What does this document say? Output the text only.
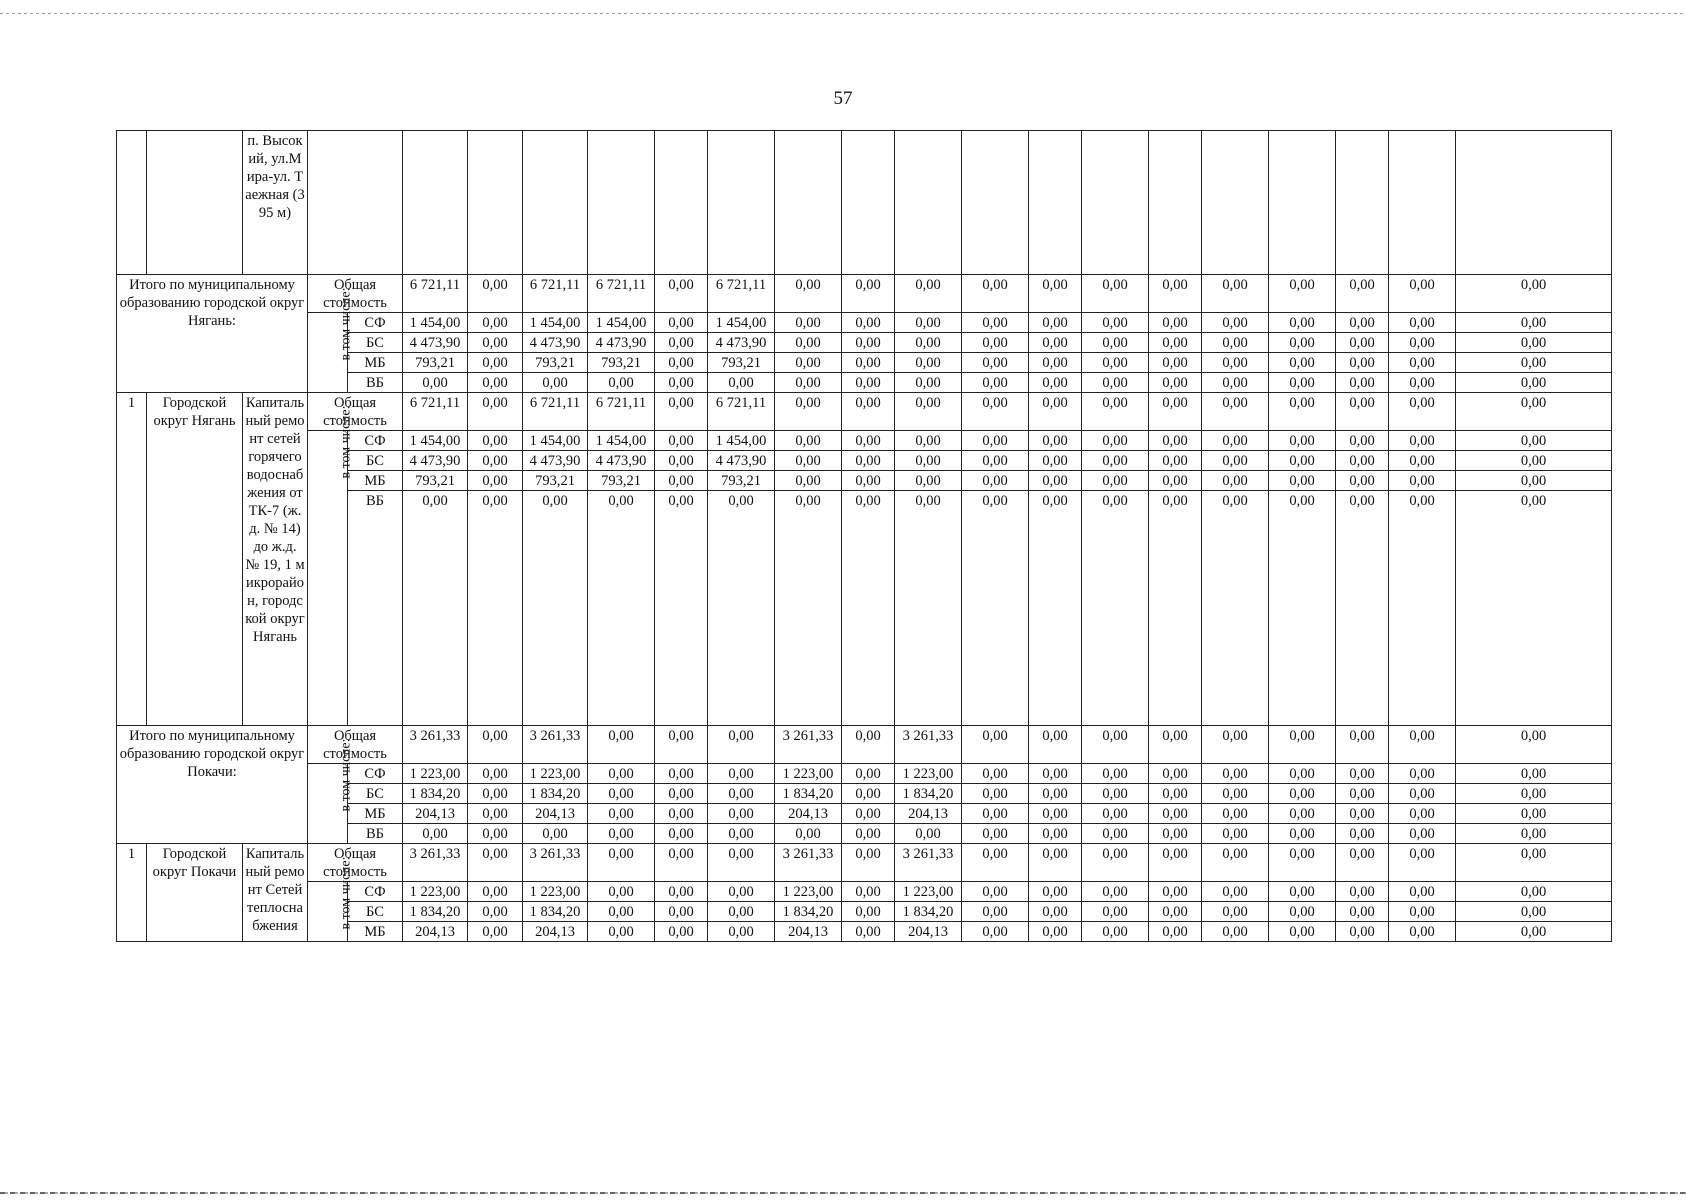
57
		п. Высокий, ул.Мира-ул. Таежная (395 м)																				
Итого по муниципальному образованию городской округ Нягань:			Общая стоимость		6 721,11	0,00	6 721,11	6 721,11	0,00	6 721,11	0,00	0,00	0,00	0,00	0,00	0,00	0,00	0,00	0,00	0,00	0,00	0,00
			в том числе:	СФ	1 454,00	0,00	1 454,00	1 454,00	0,00	1 454,00	0,00	0,00	0,00	0,00	0,00	0,00	0,00	0,00	0,00	0,00	0,00	0,00
				БС	4 473,90	0,00	4 473,90	4 473,90	0,00	4 473,90	0,00	0,00	0,00	0,00	0,00	0,00	0,00	0,00	0,00	0,00	0,00	0,00
				МБ	793,21	0,00	793,21	793,21	0,00	793,21	0,00	0,00	0,00	0,00	0,00	0,00	0,00	0,00	0,00	0,00	0,00	0,00
				ВБ	0,00	0,00	0,00	0,00	0,00	0,00	0,00	0,00	0,00	0,00	0,00	0,00	0,00	0,00	0,00	0,00	0,00	0,00
1	Городской округ Нягань	Капитальный ремонт сетей горячего водоснабжения от ТК-7 (ж.д. № 14) до ж.д. № 19, 1 микрорайон, городской округ Нягань	Общая стоимость		6 721,11	0,00	6 721,11	6 721,11	0,00	6 721,11	0,00	0,00	0,00	0,00	0,00	0,00	0,00	0,00	0,00	0,00	0,00	0,00
			в том числе:	СФ	1 454,00	0,00	1 454,00	1 454,00	0,00	1 454,00	0,00	0,00	0,00	0,00	0,00	0,00	0,00	0,00	0,00	0,00	0,00	0,00
				БС	4 473,90	0,00	4 473,90	4 473,90	0,00	4 473,90	0,00	0,00	0,00	0,00	0,00	0,00	0,00	0,00	0,00	0,00	0,00	0,00
				МБ	793,21	0,00	793,21	793,21	0,00	793,21	0,00	0,00	0,00	0,00	0,00	0,00	0,00	0,00	0,00	0,00	0,00	0,00
				ВБ	0,00	0,00	0,00	0,00	0,00	0,00	0,00	0,00	0,00	0,00	0,00	0,00	0,00	0,00	0,00	0,00	0,00	0,00
Итого по муниципальному образованию городской округ Покачи:			Общая стоимость		3 261,33	0,00	3 261,33	0,00	0,00	0,00	3 261,33	0,00	3 261,33	0,00	0,00	0,00	0,00	0,00	0,00	0,00	0,00	0,00
			в том числе:	СФ	1 223,00	0,00	1 223,00	0,00	0,00	0,00	1 223,00	0,00	1 223,00	0,00	0,00	0,00	0,00	0,00	0,00	0,00	0,00	0,00
				БС	1 834,20	0,00	1 834,20	0,00	0,00	0,00	1 834,20	0,00	1 834,20	0,00	0,00	0,00	0,00	0,00	0,00	0,00	0,00	0,00
				МБ	204,13	0,00	204,13	0,00	0,00	0,00	204,13	0,00	204,13	0,00	0,00	0,00	0,00	0,00	0,00	0,00	0,00	0,00
				ВБ	0,00	0,00	0,00	0,00	0,00	0,00	0,00	0,00	0,00	0,00	0,00	0,00	0,00	0,00	0,00	0,00	0,00	0,00
1	Городской округ Покачи	Капитальный ремонт Сетей теплоснабжения	Общая стоимость		3 261,33	0,00	3 261,33	0,00	0,00	0,00	3 261,33	0,00	3 261,33	0,00	0,00	0,00	0,00	0,00	0,00	0,00	0,00	0,00
			в том числе:	СФ	1 223,00	0,00	1 223,00	0,00	0,00	0,00	1 223,00	0,00	1 223,00	0,00	0,00	0,00	0,00	0,00	0,00	0,00	0,00	0,00
				БС	1 834,20	0,00	1 834,20	0,00	0,00	0,00	1 834,20	0,00	1 834,20	0,00	0,00	0,00	0,00	0,00	0,00	0,00	0,00	0,00
				МБ	204,13	0,00	204,13	0,00	0,00	0,00	204,13	0,00	204,13	0,00	0,00	0,00	0,00	0,00	0,00	0,00	0,00	0,00
